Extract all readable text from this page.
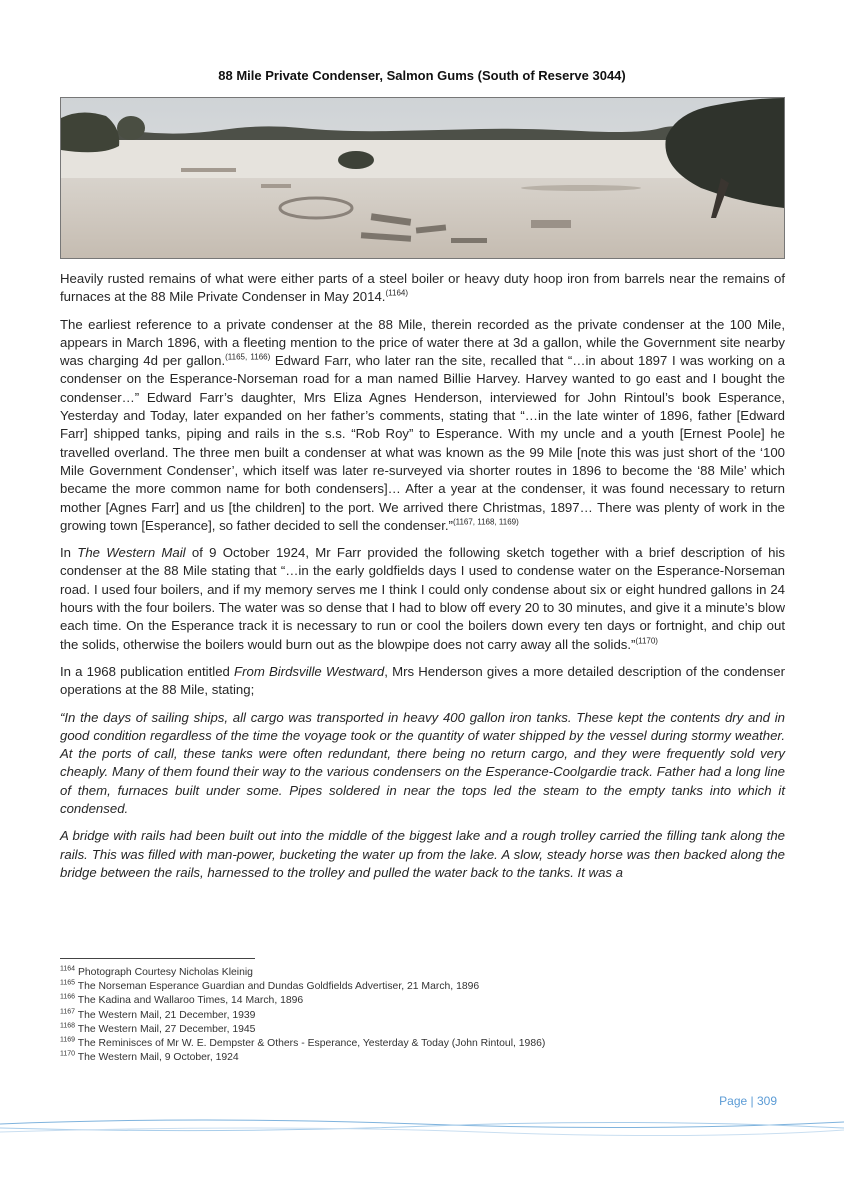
88 Mile Private Condenser, Salmon Gums (South of Reserve 3044)

Heavily rusted remains of what were either parts of a steel boiler or heavy duty hoop iron from barrels near the remains of furnaces at the 88 Mile Private Condenser in May 2014.$^{(1164)}$

The earliest reference to a private condenser at the 88 Mile, therein recorded as the private condenser at the 100 Mile, appears in March 1896, with a fleeting mention to the price of water there at 3d a gallon, while the Government site nearby was charging 4d per gallon.$^{(1165, 1166)}$ Edward Farr, who later ran the site, recalled that “…in about 1897 I was working on a condenser on the Esperance-Norseman road for a man named Billie Harvey. Harvey wanted to go east and I bought the condenser…” Edward Farr’s daughter, Mrs Eliza Agnes Henderson, interviewed for John Rintoul’s book Esperance, Yesterday and Today, later expanded on her father’s comments, stating that “…in the late winter of 1896, father [Edward Farr] shipped tanks, piping and rails in the s.s. “Rob Roy” to Esperance. With my uncle and a youth [Ernest Poole] he travelled overland. The three men built a condenser at what was known as the 99 Mile [note this was just short of the ‘100 Mile Government Condenser’, which itself was later re-surveyed via shorter routes in 1896 to become the ‘88 Mile’ which became the more common name for both condensers]… After a year at the condenser, it was found necessary to return mother [Agnes Farr] and us [the children] to the port. We arrived there Christmas, 1897… There was plenty of work in the growing town [Esperance], so father decided to sell the condenser.”$^{(1167, 1168, 1169)}$

In The Western Mail of 9 October 1924, Mr Farr provided the following sketch together with a brief description of his condenser at the 88 Mile stating that “…in the early goldfields days I used to condense water on the Esperance-Norseman road. I used four boilers, and if my memory serves me I think I could only condense about six or eight hundred gallons in 24 hours with the four boilers. The water was so dense that I had to blow off every 20 to 30 minutes, and give it a minute’s blow each time. On the Esperance track it is necessary to run or cool the boilers down every ten days or fortnight, and chip out the solids, otherwise the boilers would burn out as the blowpipe does not carry away all the solids.”$^{(1170)}$

In a 1968 publication entitled From Birdsville Westward, Mrs Henderson gives a more detailed description of the condenser operations at the 88 Mile, stating;

“In the days of sailing ships, all cargo was transported in heavy 400 gallon iron tanks. These kept the contents dry and in good condition regardless of the time the voyage took or the quantity of water shipped by the vessel during stormy weather. At the ports of call, these tanks were often redundant, there being no return cargo, and they were frequently sold very cheaply. Many of them found their way to the various condensers on the Esperance-Coolgardie track. Father had a long line of them, furnaces built under some. Pipes soldered in near the tops led the steam to the empty tanks into which it condensed.

A bridge with rails had been built out into the middle of the biggest lake and a rough trolley carried the filling tank along the rails. This was filled with man-power, bucketing the water up from the lake. A slow, steady horse was then backed along the bridge between the rails, harnessed to the trolley and pulled the water back to the tanks. It was a

$^{1164}$ Photograph Courtesy Nicholas Kleinig
$^{1165}$ The Norseman Esperance Guardian and Dundas Goldfields Advertiser, 21 March, 1896
$^{1166}$ The Kadina and Wallaroo Times, 14 March, 1896
$^{1167}$ The Western Mail, 21 December, 1939
$^{1168}$ The Western Mail, 27 December, 1945
$^{1169}$ The Reminisces of Mr W. E. Dempster & Others - Esperance, Yesterday & Today (John Rintoul, 1986)
$^{1170}$ The Western Mail, 9 October, 1924
Page | 309
